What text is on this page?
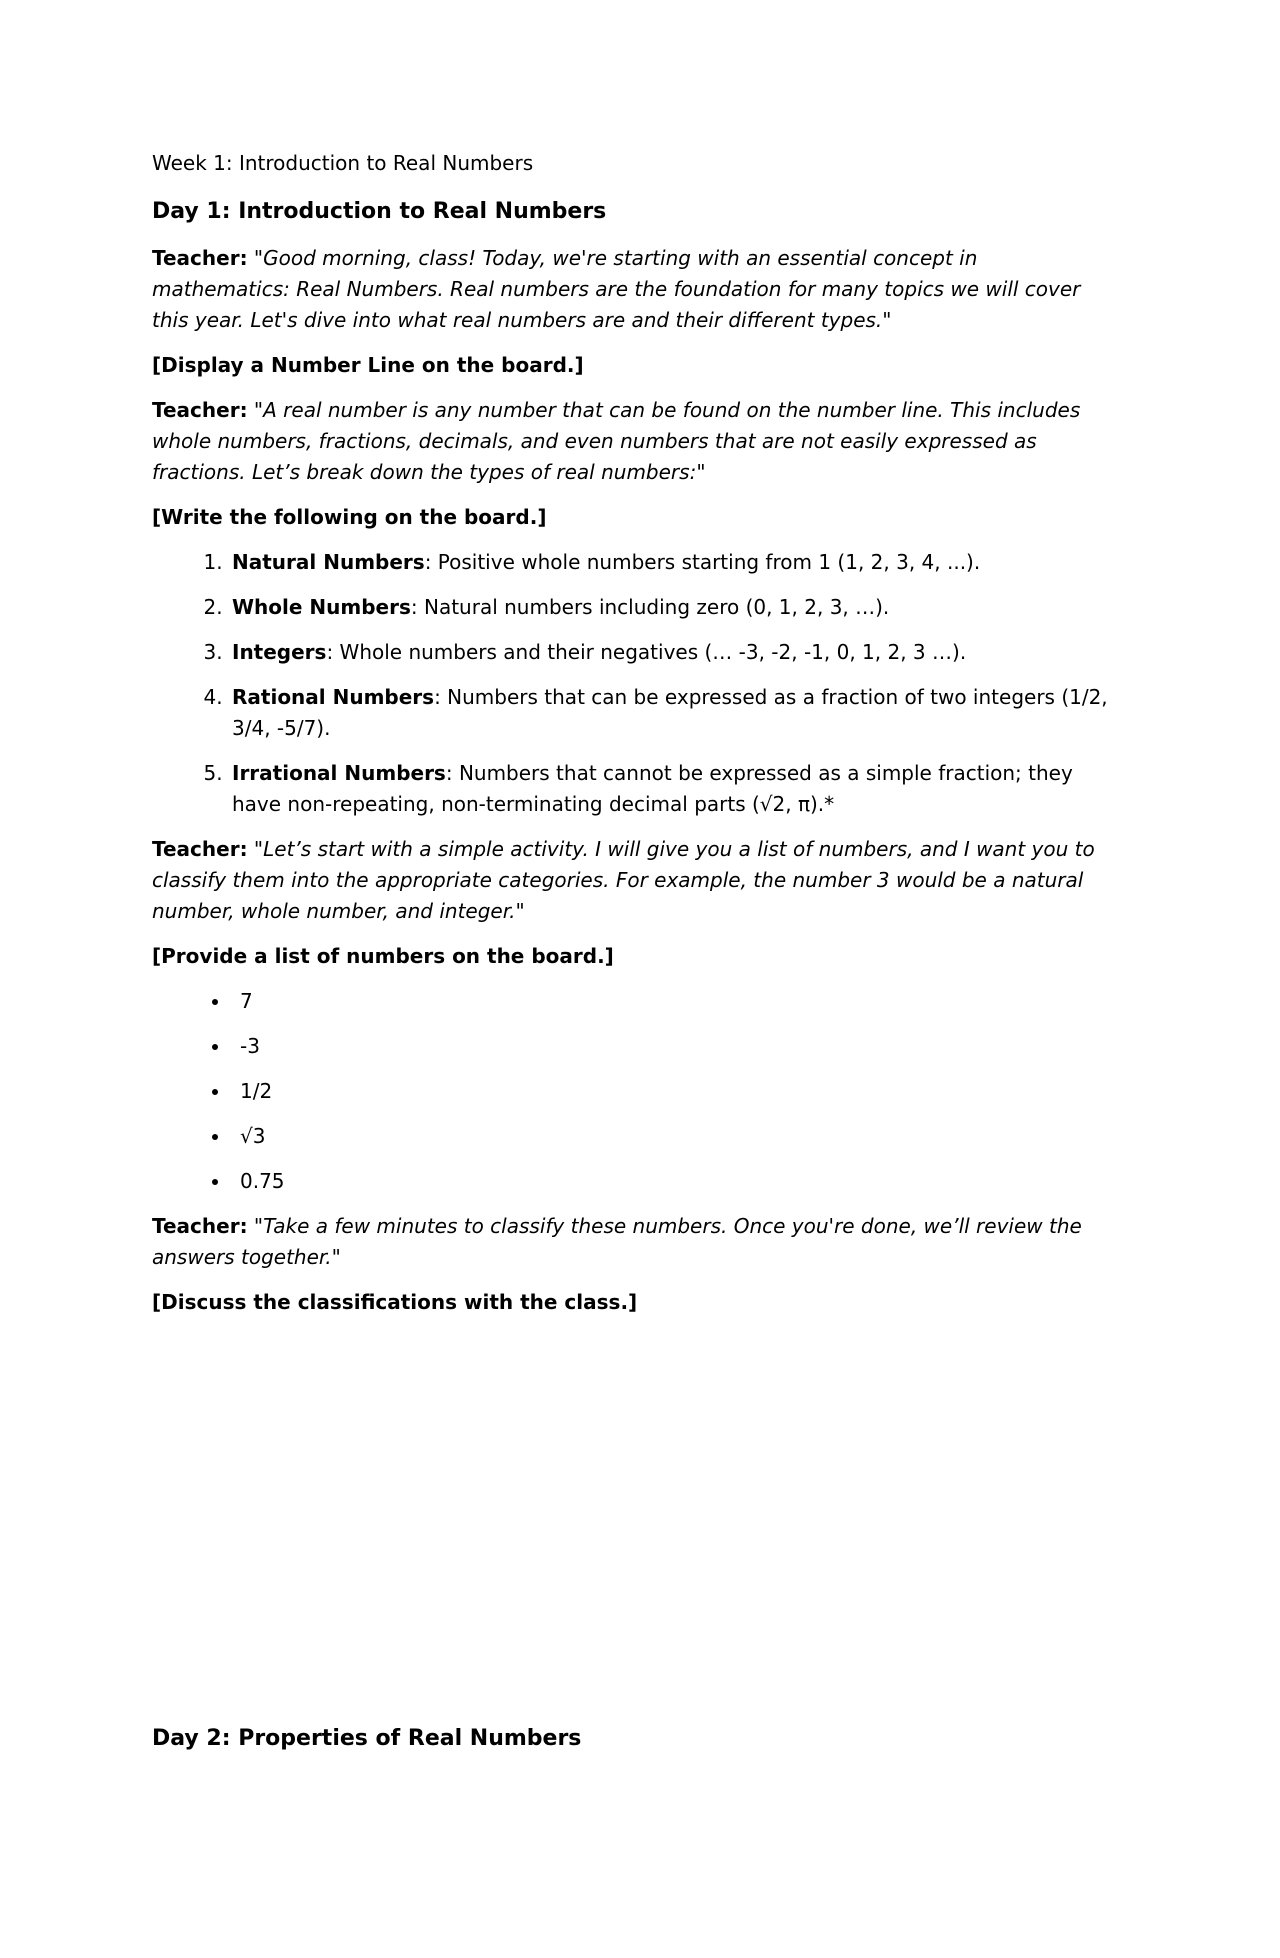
Week 1: Introduction to Real Numbers

Day 1: Introduction to Real Numbers

Teacher: "Good morning, class! Today, we're starting with an essential concept in mathematics: Real Numbers. Real numbers are the foundation for many topics we will cover this year. Let's dive into what real numbers are and their different types."

[Display a Number Line on the board.]

Teacher: "A real number is any number that can be found on the number line. This includes whole numbers, fractions, decimals, and even numbers that are not easily expressed as fractions. Let’s break down the types of real numbers:"

[Write the following on the board.]

1. Natural Numbers: Positive whole numbers starting from 1 (1, 2, 3, 4, ...).
2. Whole Numbers: Natural numbers including zero (0, 1, 2, 3, …).
3. Integers: Whole numbers and their negatives (… -3, -2, -1, 0, 1, 2, 3 …).
4. Rational Numbers: Numbers that can be expressed as a fraction of two integers (1/2, 3/4, -5/7).
5. Irrational Numbers: Numbers that cannot be expressed as a simple fraction; they have non-repeating, non-terminating decimal parts (√2, π).*

Teacher: "Let’s start with a simple activity. I will give you a list of numbers, and I want you to classify them into the appropriate categories. For example, the number 3 would be a natural number, whole number, and integer."

[Provide a list of numbers on the board.]

• 7
• -3
• 1/2
• √3
• 0.75

Teacher: "Take a few minutes to classify these numbers. Once you're done, we’ll review the answers together."

[Discuss the classifications with the class.]

Day 2: Properties of Real Numbers
